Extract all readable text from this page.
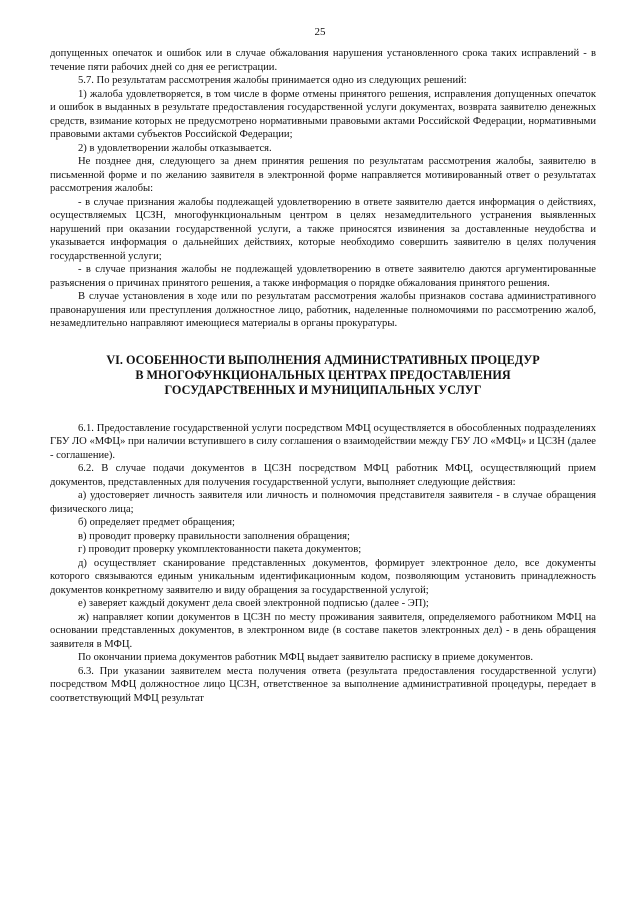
25

допущенных опечаток и ошибок или в случае обжалования нарушения установленного срока таких исправлений - в течение пяти рабочих дней со дня ее регистрации.

5.7. По результатам рассмотрения жалобы принимается одно из следующих решений:

1) жалоба удовлетворяется, в том числе в форме отмены принятого решения, исправления допущенных опечаток и ошибок в выданных в результате предоставления государственной услуги документах, возврата заявителю денежных средств, взимание которых не предусмотрено нормативными правовыми актами Российской Федерации, нормативными правовыми актами субъектов Российской Федерации;

2) в удовлетворении жалобы отказывается.

Не позднее дня, следующего за днем принятия решения по результатам рассмотрения жалобы, заявителю в письменной форме и по желанию заявителя в электронной форме направляется мотивированный ответ о результатах рассмотрения жалобы:

- в случае признания жалобы подлежащей удовлетворению в ответе заявителю дается информация о действиях, осуществляемых ЦСЗН, многофункциональным центром в целях незамедлительного устранения выявленных нарушений при оказании государственной услуги, а также приносятся извинения за доставленные неудобства и указывается информация о дальнейших действиях, которые необходимо совершить заявителю в целях получения государственной услуги;

- в случае признания жалобы не подлежащей удовлетворению в ответе заявителю даются аргументированные разъяснения о причинах принятого решения, а также информация о порядке обжалования принятого решения.

В случае установления в ходе или по результатам рассмотрения жалобы признаков состава административного правонарушения или преступления должностное лицо, работник, наделенные полномочиями по рассмотрению жалоб, незамедлительно направляют имеющиеся материалы в органы прокуратуры.

VI. ОСОБЕННОСТИ ВЫПОЛНЕНИЯ АДМИНИСТРАТИВНЫХ ПРОЦЕДУР
В МНОГОФУНКЦИОНАЛЬНЫХ ЦЕНТРАХ ПРЕДОСТАВЛЕНИЯ
ГОСУДАРСТВЕННЫХ И МУНИЦИПАЛЬНЫХ УСЛУГ

6.1. Предоставление государственной услуги посредством МФЦ осуществляется в обособленных подразделениях ГБУ ЛО «МФЦ» при наличии вступившего в силу соглашения о взаимодействии между ГБУ ЛО «МФЦ» и ЦСЗН (далее - соглашение).

6.2. В случае подачи документов в ЦСЗН посредством МФЦ работник МФЦ, осуществляющий прием документов, представленных для получения государственной услуги, выполняет следующие действия:

а) удостоверяет личность заявителя или личность и полномочия представителя заявителя - в случае обращения физического лица;

б) определяет предмет обращения;

в) проводит проверку правильности заполнения обращения;

г) проводит проверку укомплектованности пакета документов;

д) осуществляет сканирование представленных документов, формирует электронное дело, все документы которого связываются единым уникальным идентификационным кодом, позволяющим установить принадлежность документов конкретному заявителю и виду обращения за государственной услугой;

е) заверяет каждый документ дела своей электронной подписью (далее - ЭП);

ж) направляет копии документов в ЦСЗН по месту проживания заявителя, определяемого работником МФЦ на основании представленных документов, в электронном виде (в составе пакетов электронных дел) - в день обращения заявителя в МФЦ.

По окончании приема документов работник МФЦ выдает заявителю расписку в приеме документов.

6.3. При указании заявителем места получения ответа (результата предоставления государственной услуги) посредством МФЦ должностное лицо ЦСЗН, ответственное за выполнение административной процедуры, передает в соответствующий МФЦ результат
